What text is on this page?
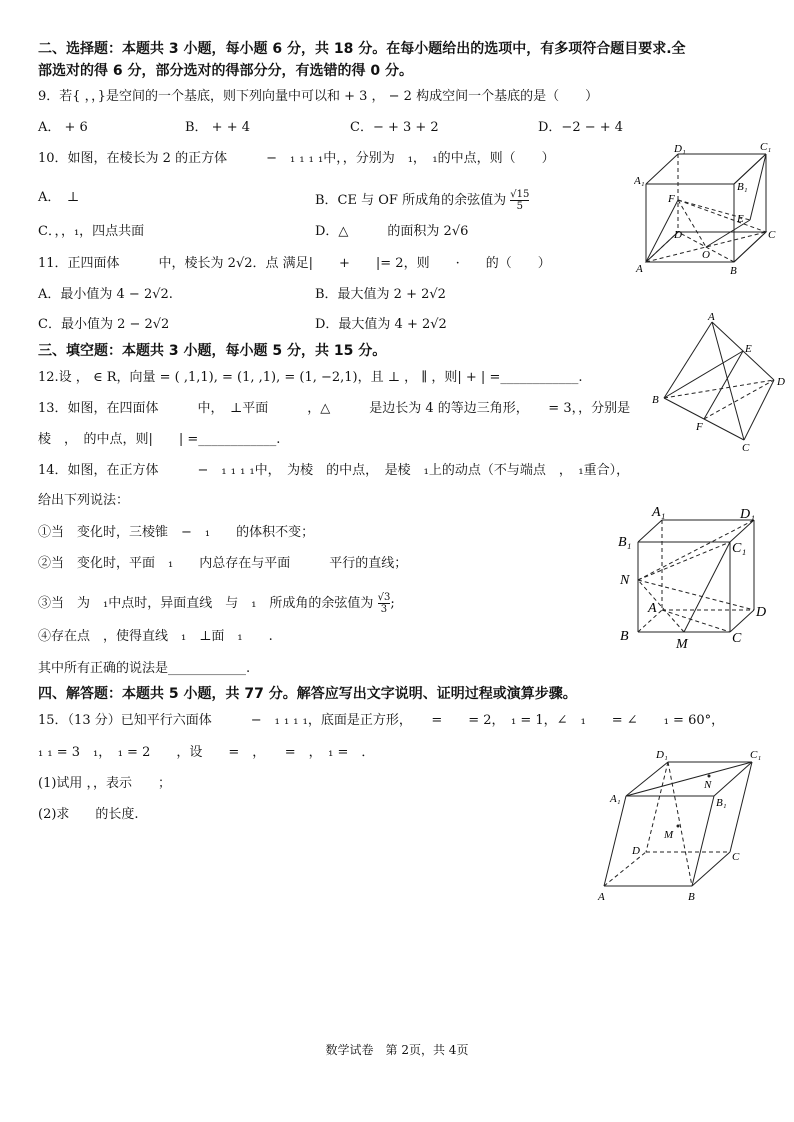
二、选择题：本题共 3 小题，每小题 6 分，共 18 分。在每小题给出的选项中，有多项符合题目要求.全
部选对的得 6 分，部分选对的得部分分，有选错的得 0 分。
9．若{ ，，}是空间的一个基底，则下列向量中可以和 + 3 ， − 2 构成空间一个基底的是（　　）
A． + 6	B． + + 4	C．− + 3 + 2	D．−2 − + 4
10．如图，在棱长为 2 的正方体　　　−　₁ ₁ ₁ ₁中，，分别为　₁，　₁的中点，则（　　）
A．　⊥	B．CE 与 OF 所成角的余弦值为 $\frac{√15}{5}$
C．，，₁，四点共面	D．△　　　的面积为 2√6
11．正四面体　　　中，棱长为 2√2．点 满足|　　+　　|= 2，则　　·　　的（　　）
A．最小值为 4 − 2√2.	B．最大值为 2 + 2√2
C．最小值为 2 − 2√2	D．最大值为 4 + 2√2
三、填空题：本题共 3 小题，每小题 5 分，共 15 分。
12.设 ， ∈ R，向量 = ( ,1,1), = (1, ,1), = (1, −2,1)，且 ⊥ ， ∥ ，则| + | =____________.
13．如图，在四面体　　　中，　⊥平面　　　，△　　　是边长为 4 的等边三角形，　　= 3，，分别是
棱　，　的中点，则|　　| =____________.
14．如图，在正方体　　　−　₁ ₁ ₁ ₁中，　为棱　的中点，　是棱　₁上的动点（不与端点　，　₁重合），
给出下列说法：
①当　变化时，三棱锥　−　₁　　的体积不变；
②当　变化时，平面　₁　　内总存在与平面　　　平行的直线；
③当　为　₁中点时，异面直线　与　₁　所成角的余弦值为 $\frac{√3}{3}$ ;
④存在点　，使得直线　₁　⊥面　₁　　.
其中所有正确的说法是____________.
四、解答题：本题共 5 小题，共 77 分。解答应写出文字说明、证明过程或演算步骤。
15．（13 分）已知平行六面体　　　−　₁ ₁ ₁ ₁，底面是正方形，　　=　　= 2，　₁ = 1，∠　₁　　= ∠　　₁ = 60°，
₁ ₁ = 3　₁，　₁ = 2　　，设　　=　，　　=　，　₁ =　．
(1)试用 ，，表示　　；
(2)求　　的长度.
数学试卷　第 2页，共 4页
D₁	C₁
A₁	B₁
F
E
D	C
O
A	B
A
E
D
B
F
C
A₁	D₁
B₁	C₁
N
A	D
B
M	C
D₁	C₁
N
A₁	B₁
M
D	C
A	B
